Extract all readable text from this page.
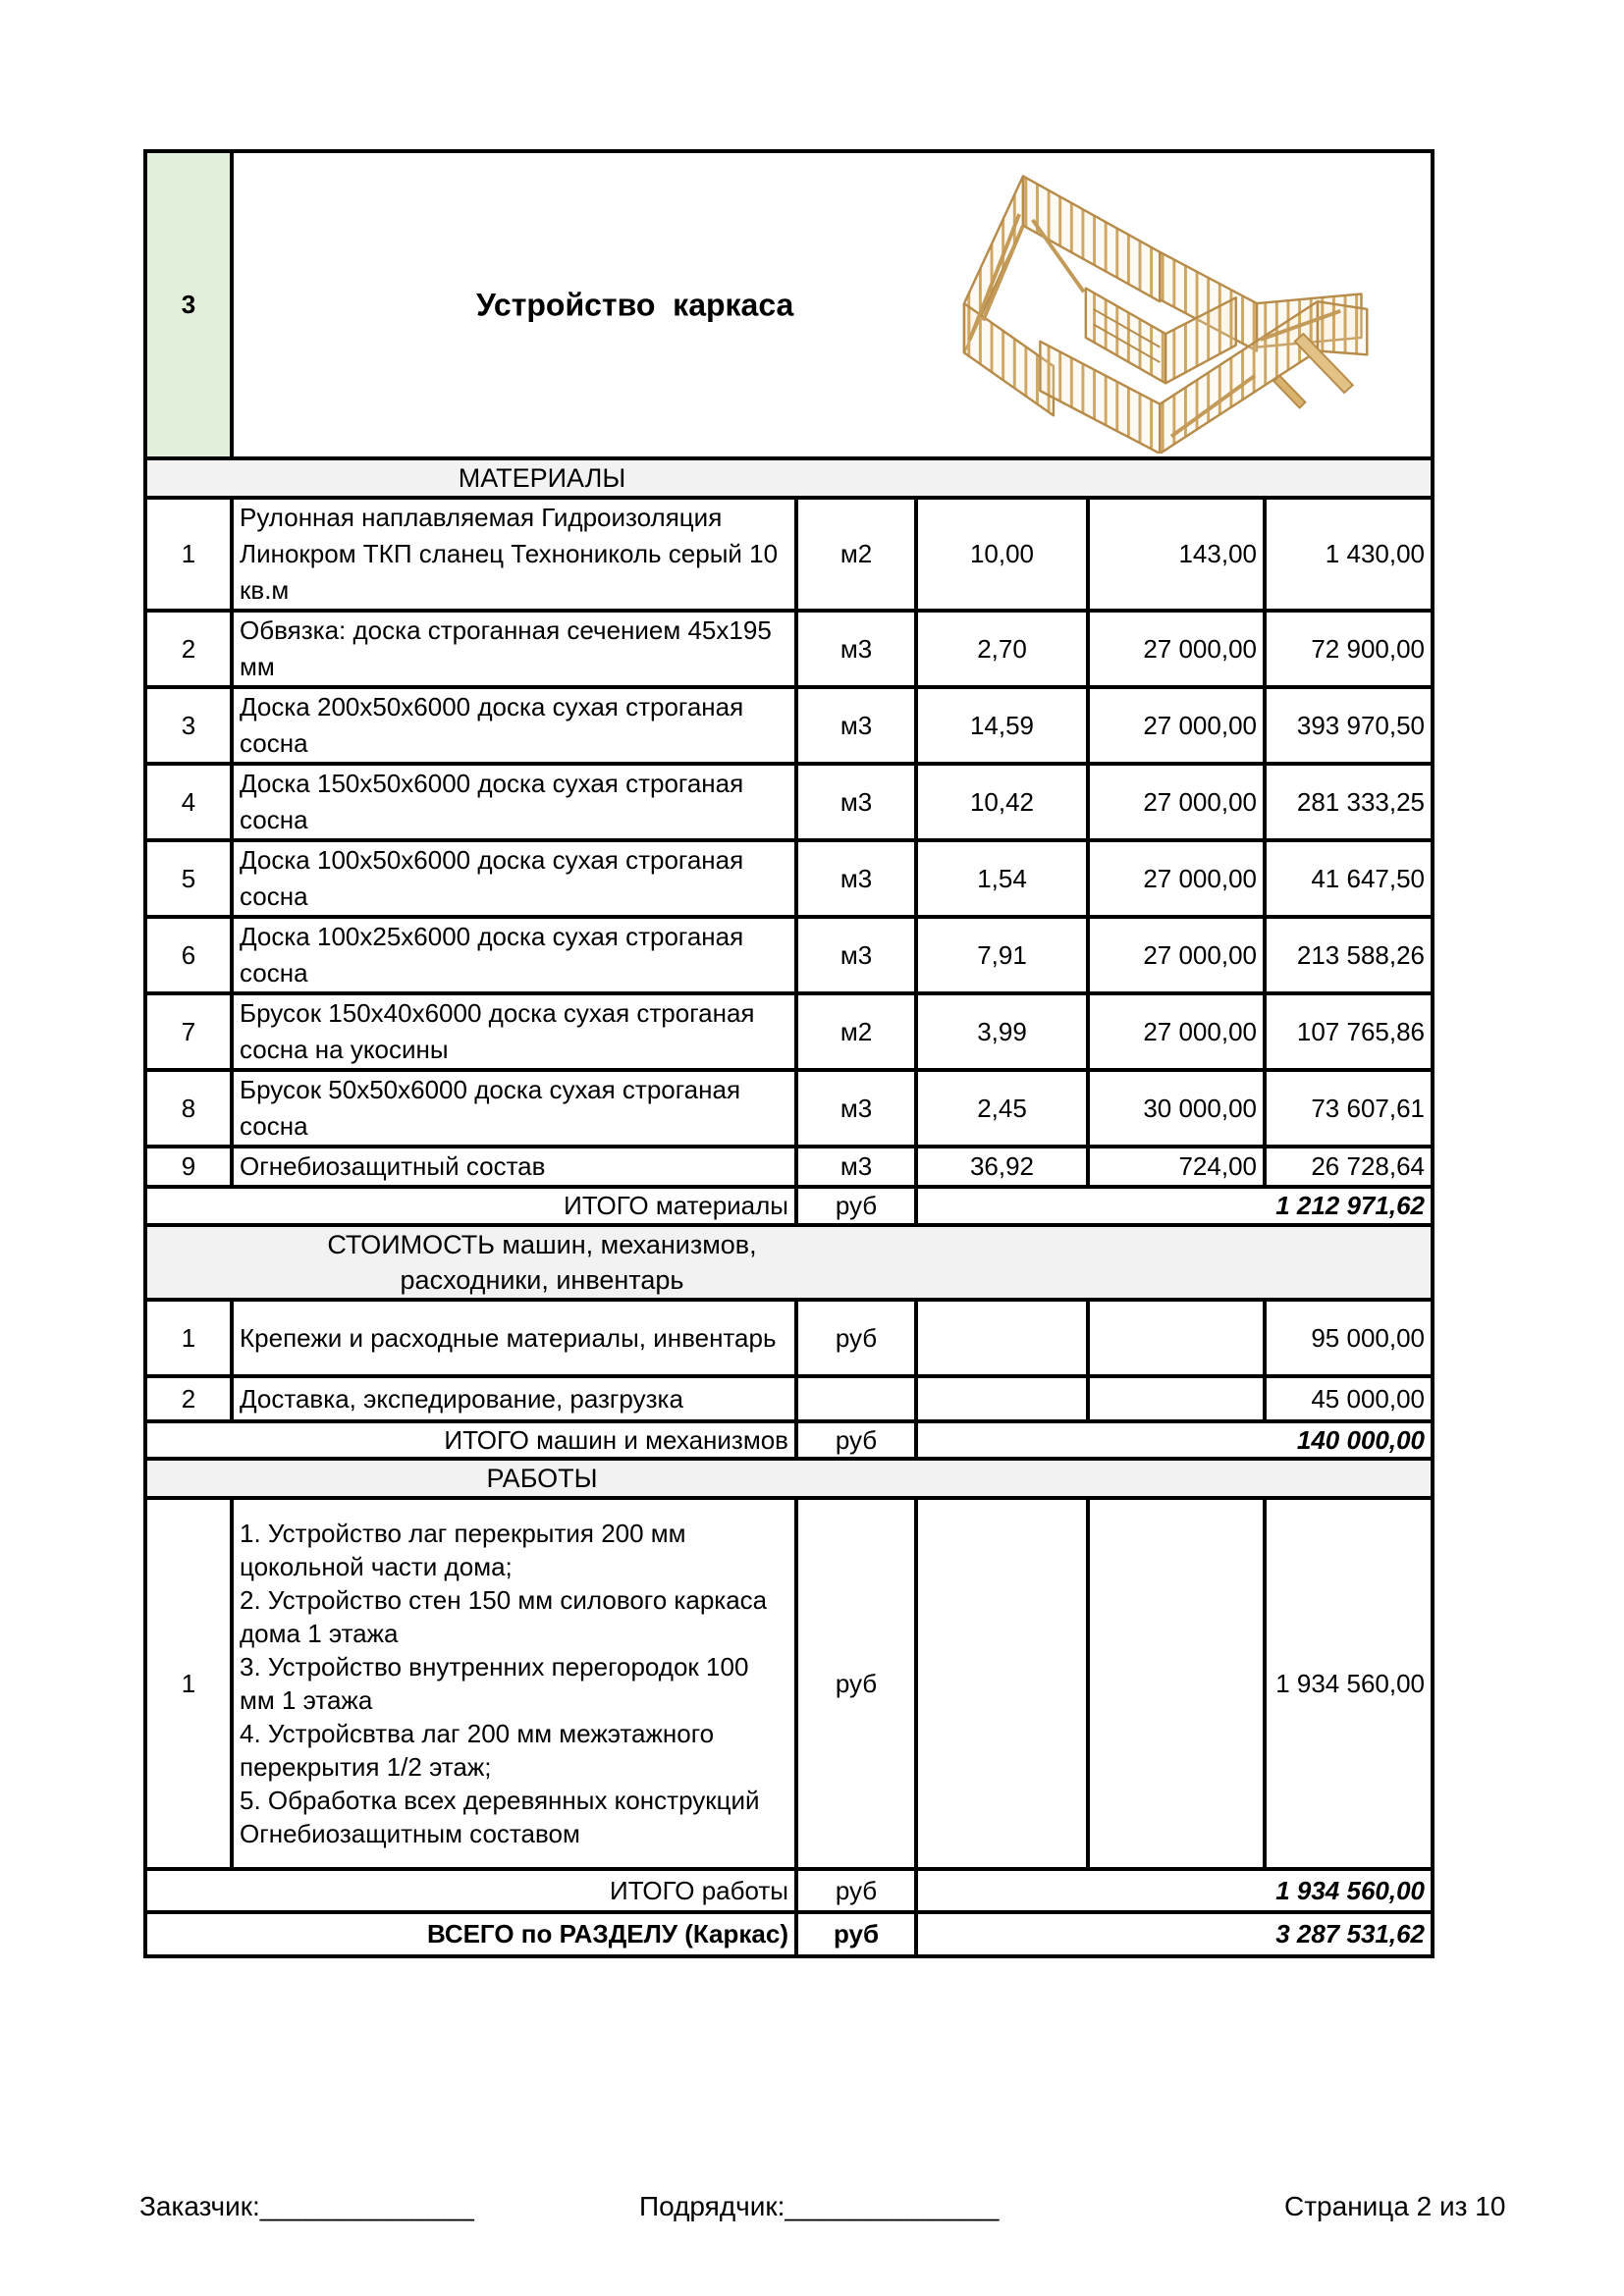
3	Устройство  каркаса				

МАТЕРИАЛЫ					

1	Рулонная наплавляемая Гидроизоляция Линокром ТКП сланец Технониколь серый 10 кв.м	м2	10,00	143,00	1 430,00
2	Обвязка: доска строганная сечением 45х195 мм	м3	2,70	27 000,00	72 900,00
3	Доска 200х50х6000 доска сухая строганая сосна	м3	14,59	27 000,00	393 970,50
4	Доска 150х50х6000 доска сухая строганая сосна	м3	10,42	27 000,00	281 333,25
5	Доска 100х50х6000 доска сухая строганая сосна	м3	1,54	27 000,00	41 647,50
6	Доска 100х25х6000 доска сухая строганая сосна	м3	7,91	27 000,00	213 588,26
7	Брусок 150х40х6000 доска сухая строганая сосна на укосины	м2	3,99	27 000,00	107 765,86
8	Брусок 50х50х6000 доска сухая строганая сосна	м3	2,45	30 000,00	73 607,61
9	Огнебиозащитный состав	м3	36,92	724,00	26 728,64
ИТОГО материалы		руб	1 212 971,62		

СТОИМОСТЬ машин, механизмов,
расходники, инвентарь					

1	Крепежи и расходные материалы, инвентарь	руб			95 000,00
2	Доставка, экспедирование, разгрузка				45 000,00
ИТОГО машин и механизмов		руб	140 000,00		

РАБОТЫ					

1	1. Устройство лаг перекрытия 200 мм цокольной части дома;
2. Устройство стен 150 мм силового каркаса дома 1 этажа
3. Устройство внутренних перегородок 100 мм 1 этажа
4. Устройсвтва лаг 200 мм межэтажного перекрытия 1/2 этаж;
5. Обработка всех деревянных конструкций Огнебиозащитным составом	руб			1 934 560,00
ИТОГО работы		руб	1 934 560,00		
ВСЕГО по РАЗДЕЛУ (Каркас)		руб	3 287 531,62		
Заказчик:______________	Подрядчик:______________	Страница 2 из 10
